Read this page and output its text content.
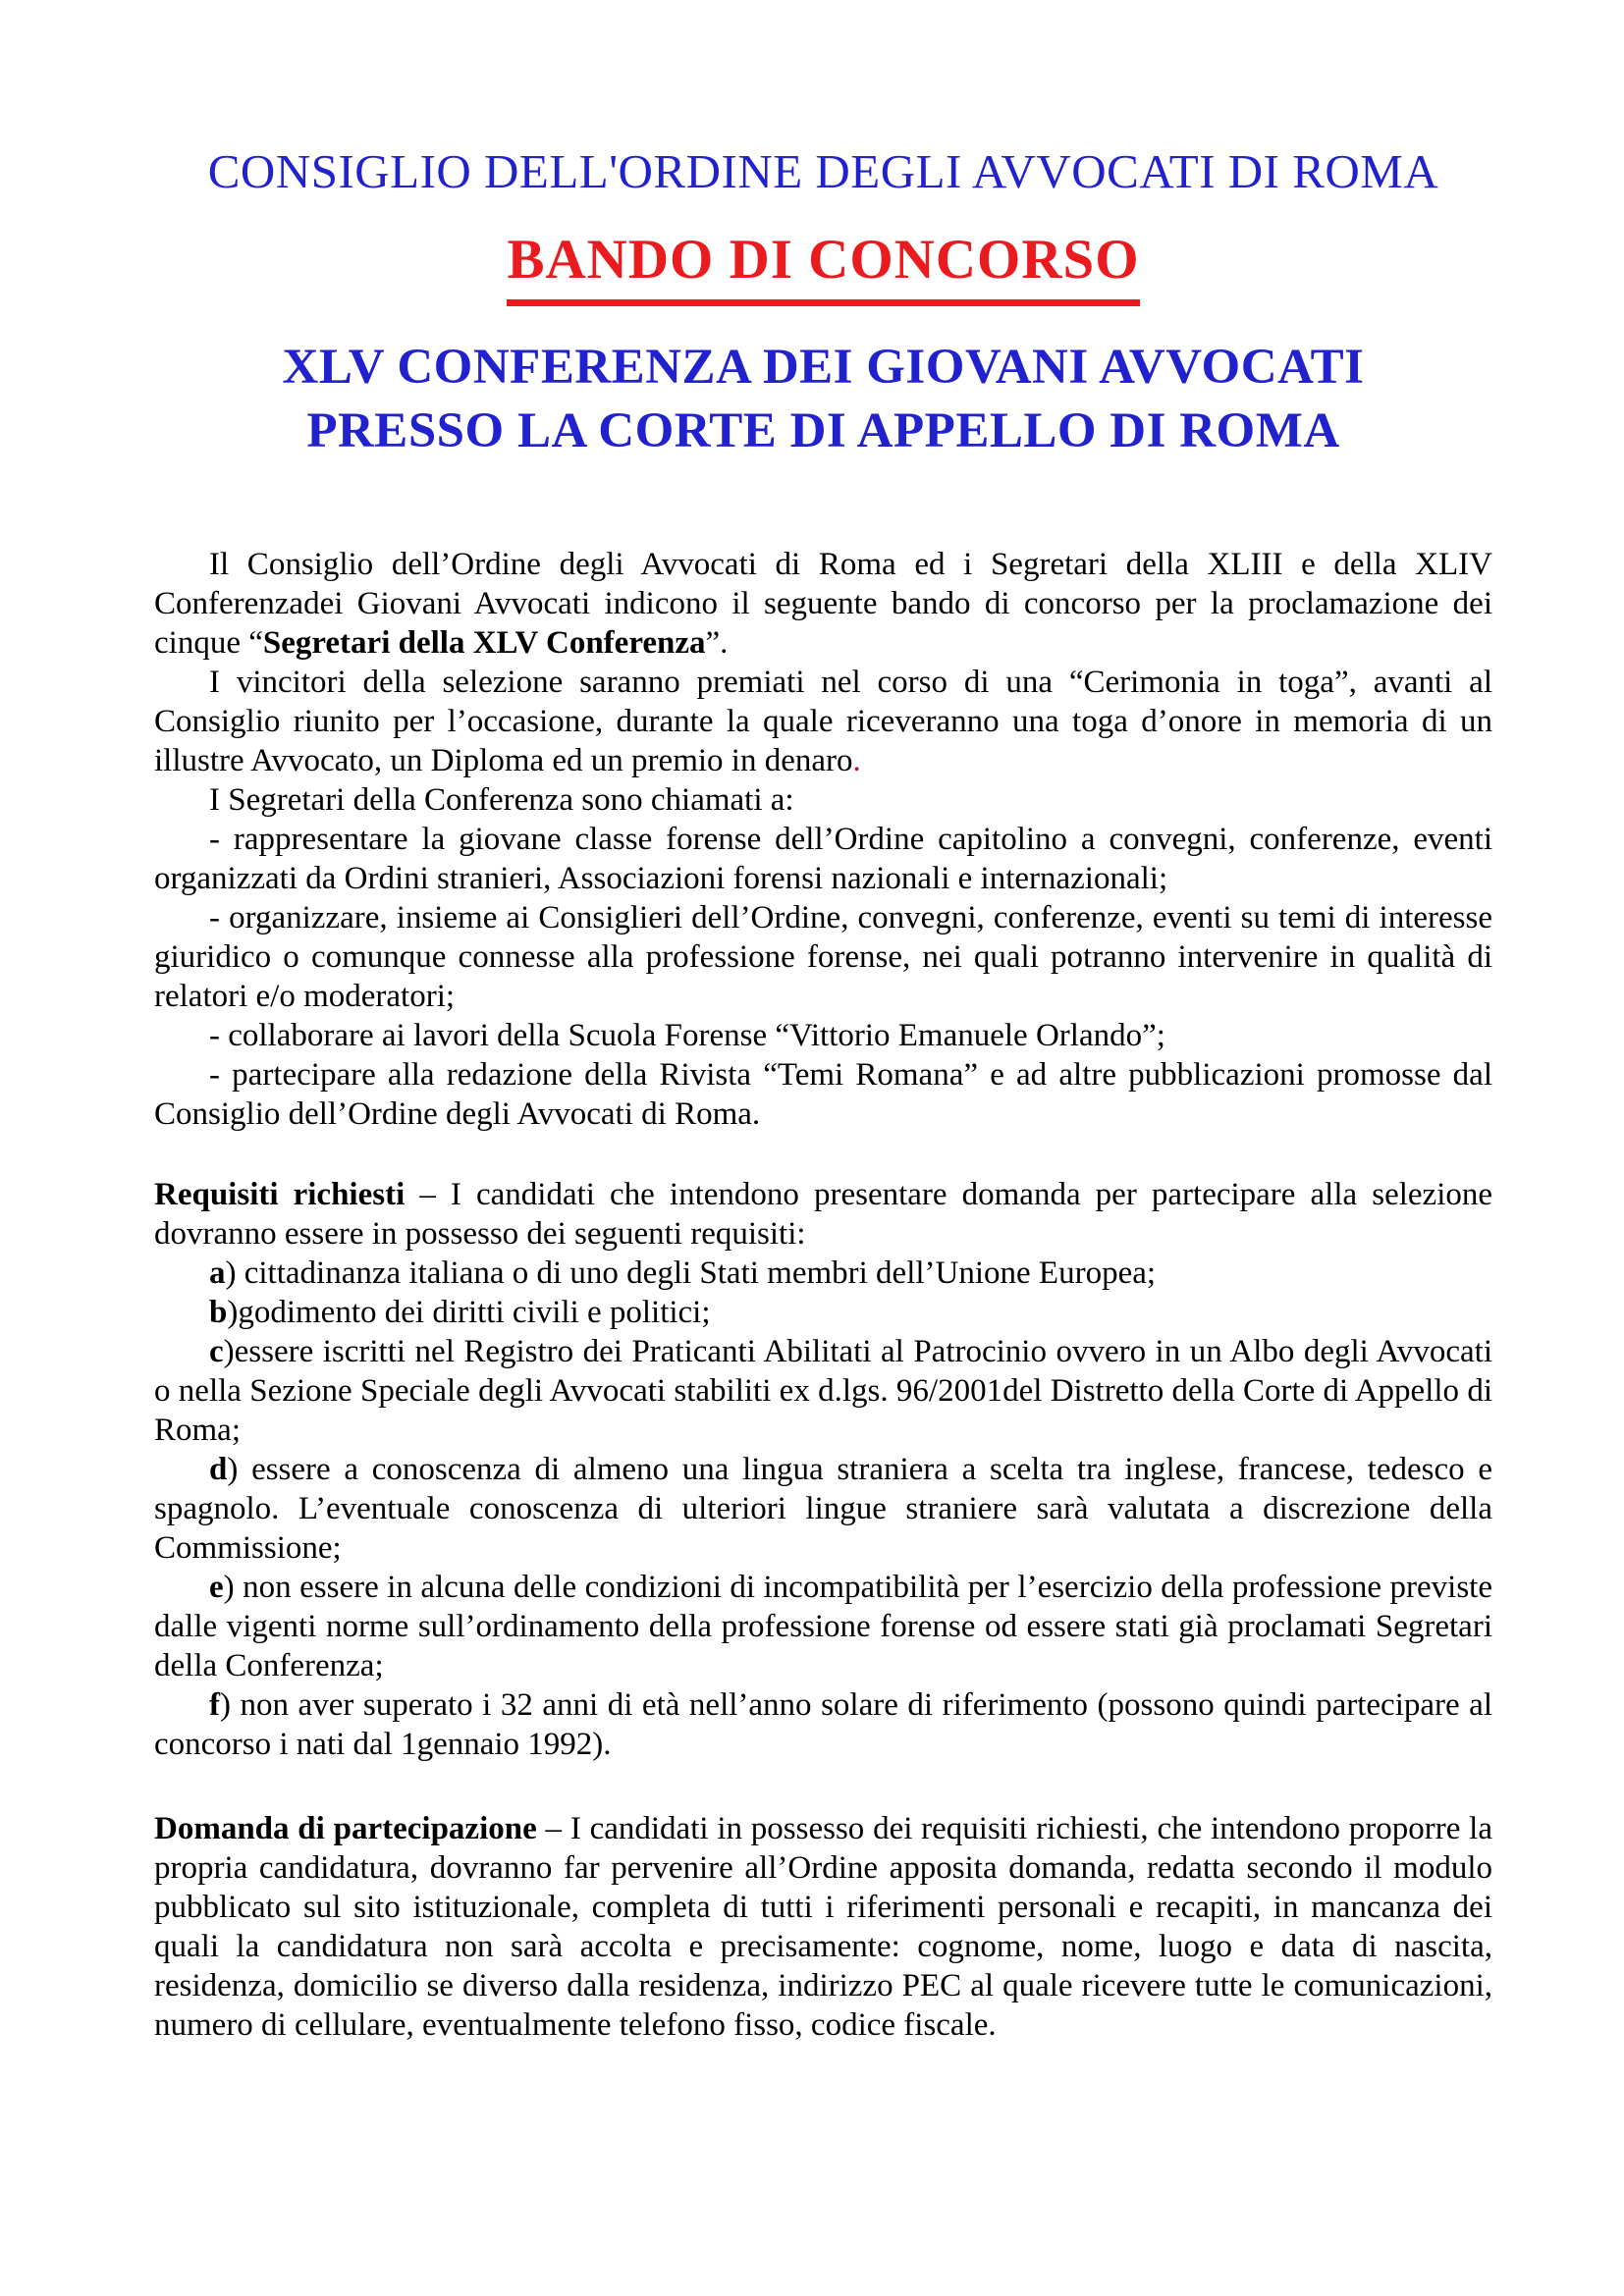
CONSIGLIO DELL'ORDINE DEGLI AVVOCATI DI ROMA
BANDO DI CONCORSO
XLV CONFERENZA DEI GIOVANI AVVOCATI
PRESSO LA CORTE DI APPELLO DI ROMA

Il Consiglio dell’Ordine degli Avvocati di Roma ed i Segretari della XLIII e della XLIV Conferenzadei Giovani Avvocati indicono il seguente bando di concorso per la proclamazione dei cinque “Segretari della XLV Conferenza”.

I vincitori della selezione saranno premiati nel corso di una “Cerimonia in toga”, avanti al Consiglio riunito per l’occasione, durante la quale riceveranno una toga d’onore in memoria di un illustre Avvocato, un Diploma ed un premio in denaro.

I Segretari della Conferenza sono chiamati a:

- rappresentare la giovane classe forense dell’Ordine capitolino a convegni, conferenze, eventi organizzati da Ordini stranieri, Associazioni forensi nazionali e internazionali;

- organizzare, insieme ai Consiglieri dell’Ordine, convegni, conferenze, eventi su temi di interesse giuridico o comunque connesse alla professione forense, nei quali potranno intervenire in qualità di relatori e/o moderatori;

- collaborare ai lavori della Scuola Forense “Vittorio Emanuele Orlando”;

- partecipare alla redazione della Rivista “Temi Romana” e ad altre pubblicazioni promosse dal Consiglio dell’Ordine degli Avvocati di Roma.

Requisiti richiesti – I candidati che intendono presentare domanda per partecipare alla selezione dovranno essere in possesso dei seguenti requisiti:

a) cittadinanza italiana o di uno degli Stati membri dell’Unione Europea;

b)godimento dei diritti civili e politici;

c)essere iscritti nel Registro dei Praticanti Abilitati al Patrocinio ovvero in un Albo degli Avvocati o nella Sezione Speciale degli Avvocati stabiliti ex d.lgs. 96/2001del Distretto della Corte di Appello di Roma;

d) essere a conoscenza di almeno una lingua straniera a scelta tra inglese, francese, tedesco e spagnolo. L’eventuale conoscenza di ulteriori lingue straniere sarà valutata a discrezione della Commissione;

e) non essere in alcuna delle condizioni di incompatibilità per l’esercizio della professione previste dalle vigenti norme sull’ordinamento della professione forense od essere stati già proclamati Segretari della Conferenza;

f) non aver superato i 32 anni di età nell’anno solare di riferimento (possono quindi partecipare al concorso i nati dal 1gennaio 1992).

Domanda di partecipazione – I candidati in possesso dei requisiti richiesti, che intendono proporre la propria candidatura, dovranno far pervenire all’Ordine apposita domanda, redatta secondo il modulo pubblicato sul sito istituzionale, completa di tutti i riferimenti personali e recapiti, in mancanza dei quali la candidatura non sarà accolta e precisamente: cognome, nome, luogo e data di nascita, residenza, domicilio se diverso dalla residenza, indirizzo PEC al quale ricevere tutte le comunicazioni, numero di cellulare, eventualmente telefono fisso, codice fiscale.
